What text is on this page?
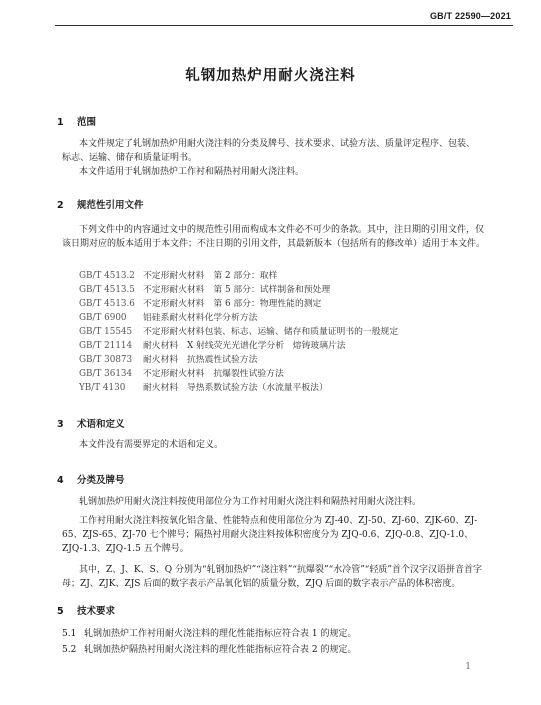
GB/T 22590—2021
轧钢加热炉用耐火浇注料
1 范围
本文件规定了轧钢加热炉用耐火浇注料的分类及牌号、技术要求、试验方法、质量评定程序、包装、标志、运输、储存和质量证明书。
本文件适用于轧钢加热炉工作衬和隔热衬用耐火浇注料。
2 规范性引用文件
下列文件中的内容通过文中的规范性引用而构成本文件必不可少的条款。其中，注日期的引用文件，仅该日期对应的版本适用于本文件；不注日期的引用文件，其最新版本（包括所有的修改单）适用于本文件。
GB/T 4513.2 不定形耐火材料　第 2 部分：取样
GB/T 4513.5 不定形耐火材料　第 5 部分：试样制备和预处理
GB/T 4513.6 不定形耐火材料　第 6 部分：物理性能的测定
GB/T 6900 铝硅系耐火材料化学分析方法
GB/T 15545 不定形耐火材料包装、标志、运输、储存和质量证明书的一般规定
GB/T 21114 耐火材料　X 射线荧光光谱化学分析　熔铸玻璃片法
GB/T 30873 耐火材料　抗热震性试验方法
GB/T 36134 不定形耐火材料　抗爆裂性试验方法
YB/T 4130 耐火材料　导热系数试验方法（水流量平板法）
3 术语和定义
本文件没有需要界定的术语和定义。
4 分类及牌号
轧钢加热炉用耐火浇注料按使用部位分为工作衬用耐火浇注料和隔热衬用耐火浇注料。
工作衬用耐火浇注料按氧化铝含量、性能特点和使用部位分为 ZJ-40、ZJ-50、ZJ-60、ZJK-60、ZJ-65、ZJS-65、ZJ-70 七个牌号；隔热衬用耐火浇注料按体积密度分为 ZJQ-0.6、ZJQ-0.8、ZJQ-1.0、ZJQ-1.3、ZJQ-1.5 五个牌号。
其中，Z、J、K、S、Q 分别为“轧钢加热炉”“浇注料”“抗爆裂”“水冷管”“轻质”首个汉字汉语拼音首字母；ZJ、ZJK、ZJS 后面的数字表示产品氧化铝的质量分数，ZJQ 后面的数字表示产品的体积密度。
5 技术要求
5.1 轧钢加热炉工作衬用耐火浇注料的理化性能指标应符合表 1 的规定。
5.2 轧钢加热炉隔热衬用耐火浇注料的理化性能指标应符合表 2 的规定。
1
